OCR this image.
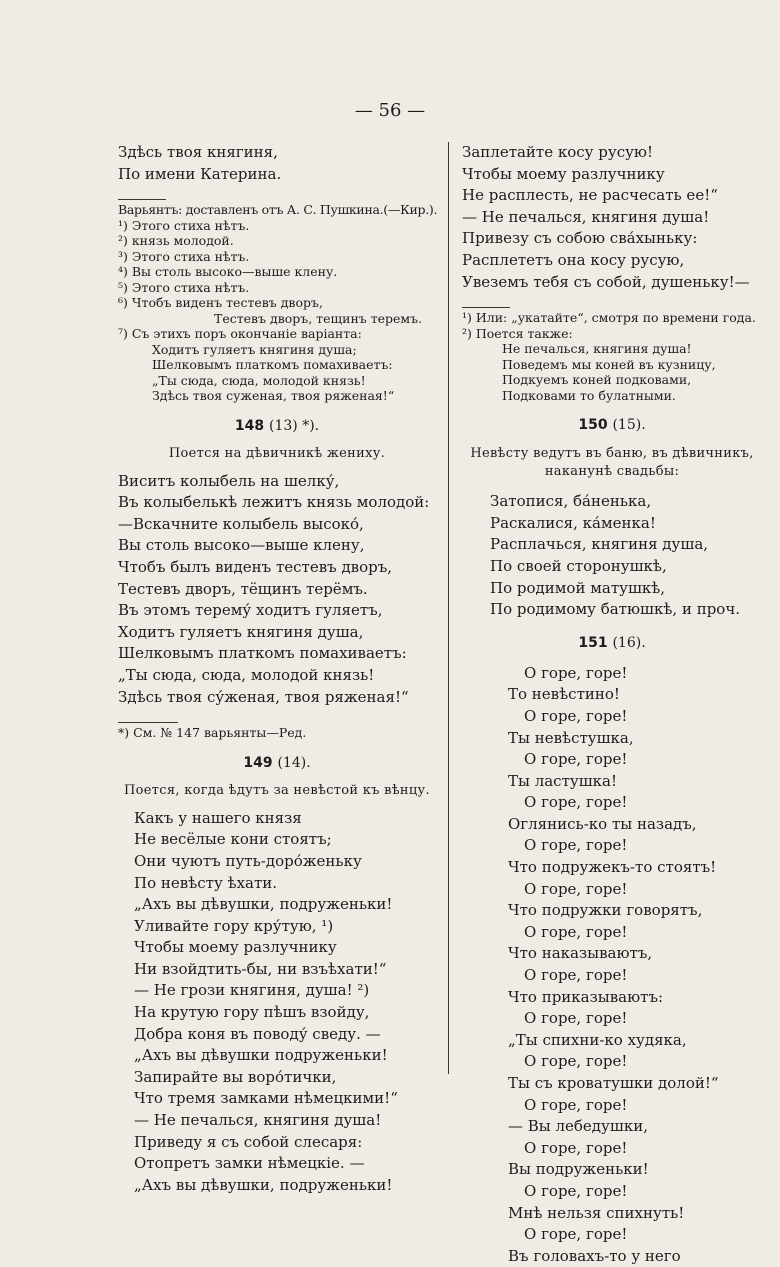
— 56 —
Здѣсь твоя княгиня,
По имени Катерина.
Варьянтъ: доставленъ отъ А. С. Пушкина.(—Кир.).
¹) Этого стиха нѣтъ.
²) князь молодой.
³) Этого стиха нѣтъ.
⁴) Вы столь высоко—выше клену.
⁵) Этого стиха нѣтъ.
⁶) Чтобъ виденъ тестевъ дворъ,
Тестевъ дворъ, тещинъ теремъ.
⁷) Съ этихъ поръ окончаніе варіанта:
Ходитъ гуляетъ княгиня душа;
Шелковымъ платкомъ помахиваетъ:
„Ты сюда, сюда, молодой князь!
Здѣсь твоя суженая, твоя ряженая!“
148 (13) *).
Поется на дѣвичникѣ жениху.
Виситъ колыбель на шелку́,
Въ колыбелькѣ лежитъ князь молодой:
—Вскачните колыбель высоко́,
Вы столь высоко—выше клену,
Чтобъ былъ виденъ тестевъ дворъ,
Тестевъ дворъ, тёщинъ терёмъ.
Въ этомъ терему́ ходитъ гуляетъ,
Ходитъ гуляетъ княгиня душа,
Шелковымъ платкомъ помахиваетъ:
„Ты сюда, сюда, молодой князь!
Здѣсь твоя су́женая, твоя ряженая!“
*) См. № 147 варьянты—Ред.
149 (14).
Поется, когда ѣдутъ за невѣстой къ вѣнцу.
Какъ у нашего князя
Не весёлые кони стоятъ;
Они чуютъ путь-доро́женьку
По невѣсту ѣхати.
„Ахъ вы дѣвушки, подруженьки!
Уливайте гору кру́тую, ¹)
Чтобы моему разлучнику
Ни взойдтить-бы, ни взъѣхати!“
— Не грози княгиня, душа! ²)
На крутую гору пѣшъ взойду,
Добра коня въ поводу́ сведу. —
„Ахъ вы дѣвушки подруженьки!
Запирайте вы воро́тички,
Что тремя замками нѣмецкими!“
— Не печалься, княгиня душа!
Приведу я съ собой слесаря:
Отопретъ замки нѣмецкіе. —
„Ахъ вы дѣвушки, подруженьки!
Заплетайте косу русую!
Чтобы моему разлучнику
Не расплесть, не расчесать ее!“
— Не печалься, княгиня душа!
Привезу съ собою сва́хыньку:
Расплететъ она косу русую,
Увеземъ тебя съ собой, душеньку!—
¹) Или: „укатайте“, смотря по времени года.
²) Поется также:
Не печалься, княгиня душа!
Поведемъ мы коней въ кузницу,
Подкуемъ коней подковами,
Подковами то булатными.
150 (15).
Невѣсту ведутъ въ баню, въ дѣвичникъ,
наканунѣ свадьбы:
Затопися, ба́ненька,
Раскалися, ка́менка!
Расплачься, княгиня душа,
По своей сторонушкѣ,
По родимой матушкѣ,
По родимому батюшкѣ, и проч.
151 (16).
О горе, горе!
То невѣстино!
О горе, горе!
Ты невѣстушка,
О горе, горе!
Ты ластушка!
О горе, горе!
Оглянись-ко ты назадъ,
О горе, горе!
Что подружекъ-то стоятъ!
О горе, горе!
Что подружки говорятъ,
О горе, горе!
Что наказываютъ,
О горе, горе!
Что приказываютъ:
О горе, горе!
„Ты спихни-ко худяка,
О горе, горе!
Ты съ кроватушки долой!“
О горе, горе!
— Вы лебедушки,
О горе, горе!
Вы подруженьки!
О горе, горе!
Мнѣ нельзя спихнуть!
О горе, горе!
Въ головахъ-то у него
